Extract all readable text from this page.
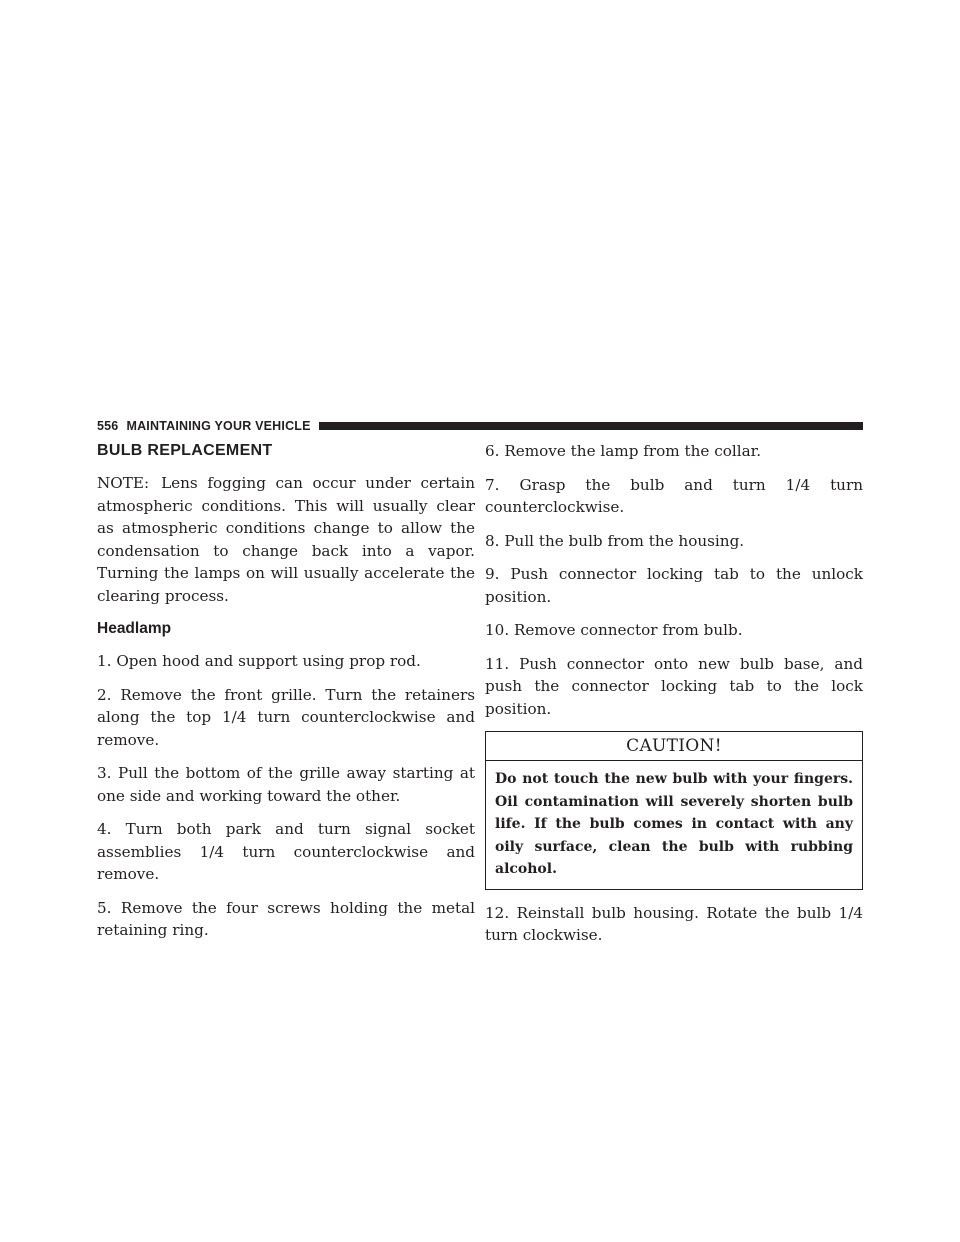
556 MAINTAINING YOUR VEHICLE
BULB REPLACEMENT

NOTE: Lens fogging can occur under certain atmospheric conditions. This will usually clear as atmospheric conditions change to allow the condensation to change back into a vapor. Turning the lamps on will usually accelerate the clearing process.

Headlamp

1. Open hood and support using prop rod.

2. Remove the front grille. Turn the retainers along the top 1/4 turn counterclockwise and remove.

3. Pull the bottom of the grille away starting at one side and working toward the other.

4. Turn both park and turn signal socket assemblies 1/4 turn counterclockwise and remove.

5. Remove the four screws holding the metal retaining ring.

6. Remove the lamp from the collar.

7. Grasp the bulb and turn 1/4 turn counterclockwise.

8. Pull the bulb from the housing.

9. Push connector locking tab to the unlock position.

10. Remove connector from bulb.

11. Push connector onto new bulb base, and push the connector locking tab to the lock position.

CAUTION!
Do not touch the new bulb with your fingers. Oil contamination will severely shorten bulb life. If the bulb comes in contact with any oily surface, clean the bulb with rubbing alcohol.

12. Reinstall bulb housing. Rotate the bulb 1/4 turn clockwise.
